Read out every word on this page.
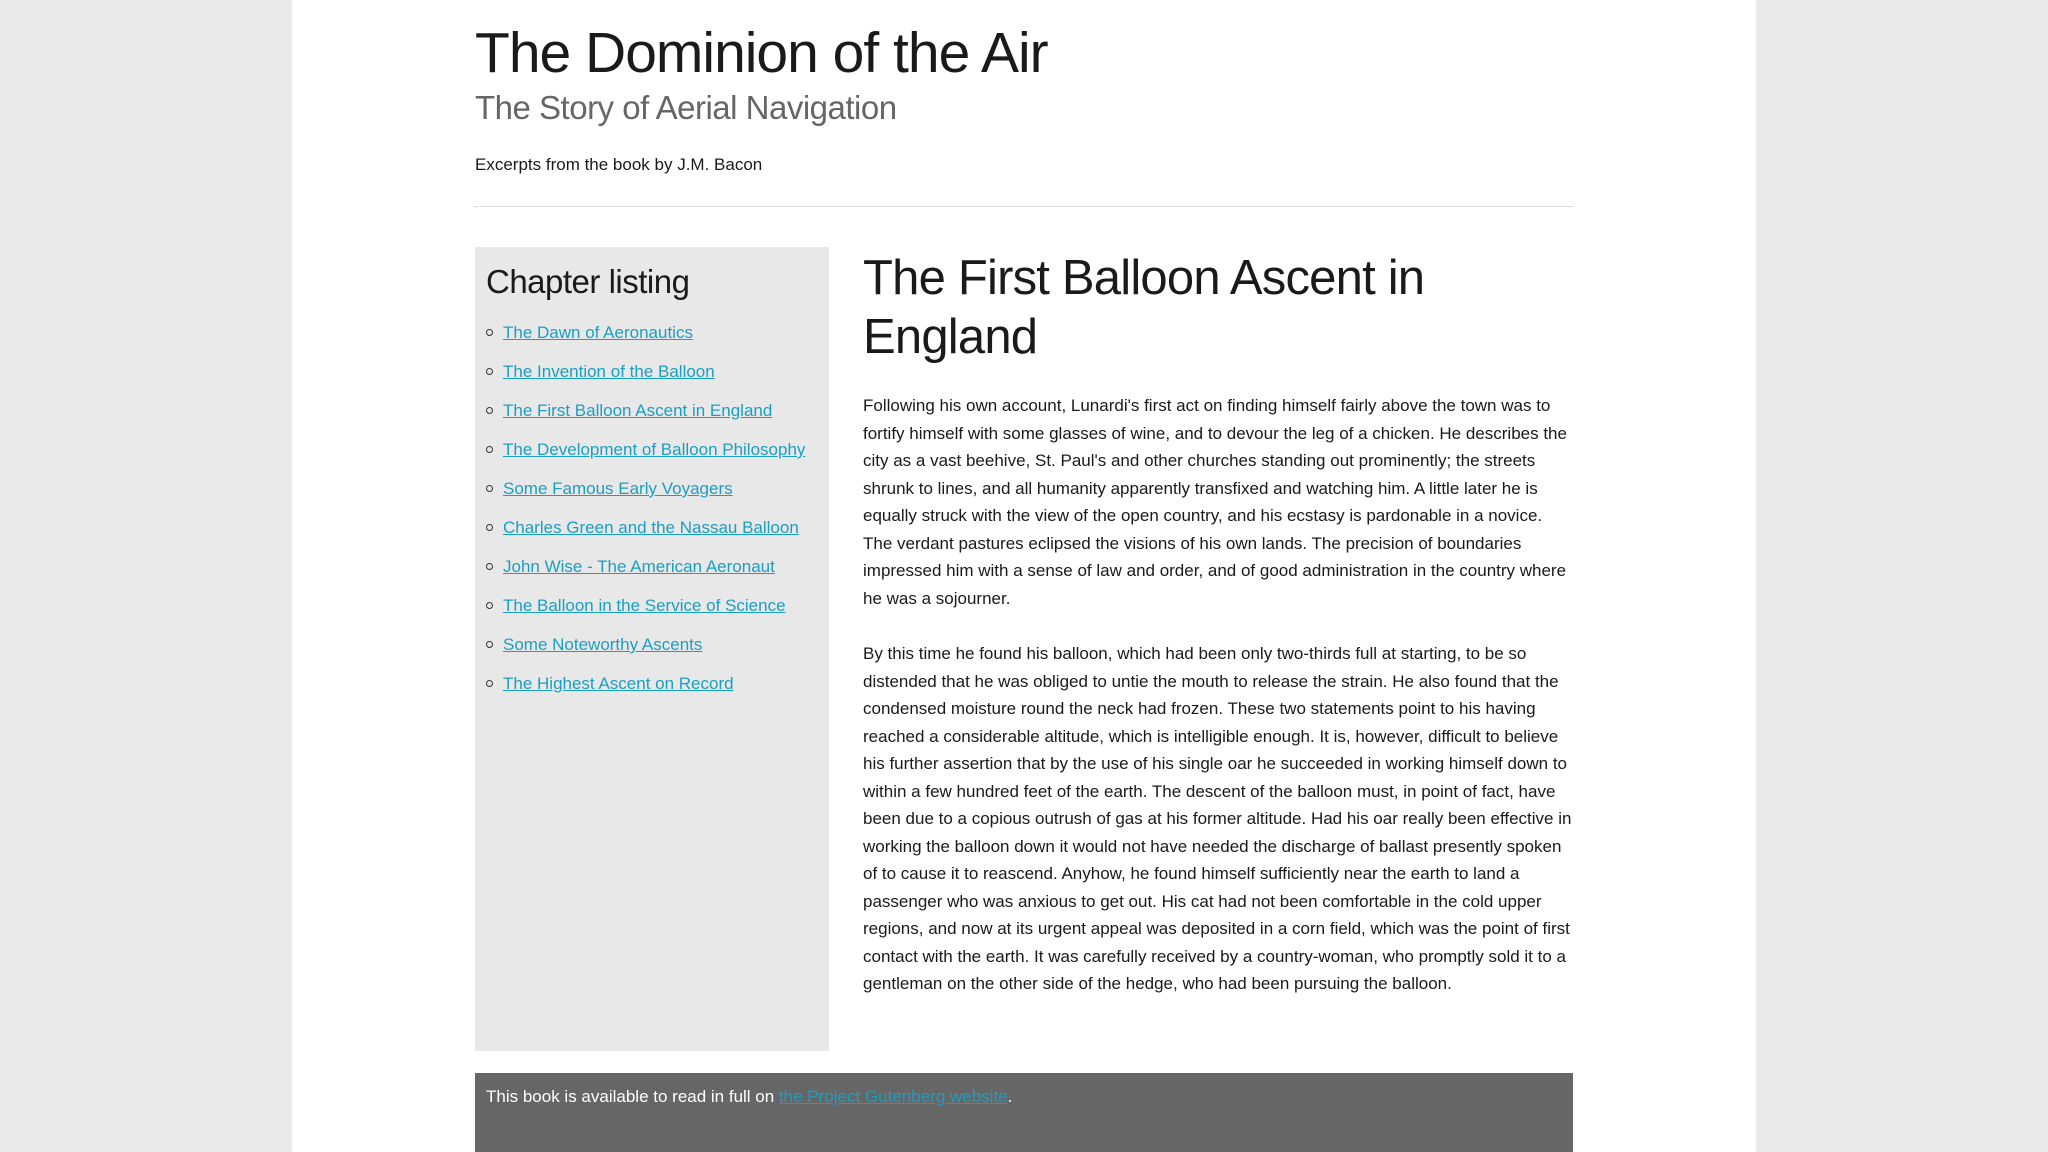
The Dominion of the Air
The Story of Aerial Navigation

Excerpts from the book by J.M. Bacon

Chapter listing
The Dawn of Aeronautics
The Invention of the Balloon
The First Balloon Ascent in England
The Development of Balloon Philosophy
Some Famous Early Voyagers
Charles Green and the Nassau Balloon
John Wise - The American Aeronaut
The Balloon in the Service of Science
Some Noteworthy Ascents
The Highest Ascent on Record
The First Balloon Ascent in England

Following his own account, Lunardi's first act on finding himself fairly above the town was to fortify himself with some glasses of wine, and to devour the leg of a chicken. He describes the city as a vast beehive, St. Paul's and other churches standing out prominently; the streets shrunk to lines, and all humanity apparently transfixed and watching him. A little later he is equally struck with the view of the open country, and his ecstasy is pardonable in a novice. The verdant pastures eclipsed the visions of his own lands. The precision of boundaries impressed him with a sense of law and order, and of good administration in the country where he was a sojourner.

By this time he found his balloon, which had been only two-thirds full at starting, to be so distended that he was obliged to untie the mouth to release the strain. He also found that the condensed moisture round the neck had frozen. These two statements point to his having reached a considerable altitude, which is intelligible enough. It is, however, difficult to believe his further assertion that by the use of his single oar he succeeded in working himself down to within a few hundred feet of the earth. The descent of the balloon must, in point of fact, have been due to a copious outrush of gas at his former altitude. Had his oar really been effective in working the balloon down it would not have needed the discharge of ballast presently spoken of to cause it to reascend. Anyhow, he found himself sufficiently near the earth to land a passenger who was anxious to get out. His cat had not been comfortable in the cold upper regions, and now at its urgent appeal was deposited in a corn field, which was the point of first contact with the earth. It was carefully received by a country-woman, who promptly sold it to a gentleman on the other side of the hedge, who had been pursuing the balloon.

This book is available to read in full on the Project Gutenberg website.
